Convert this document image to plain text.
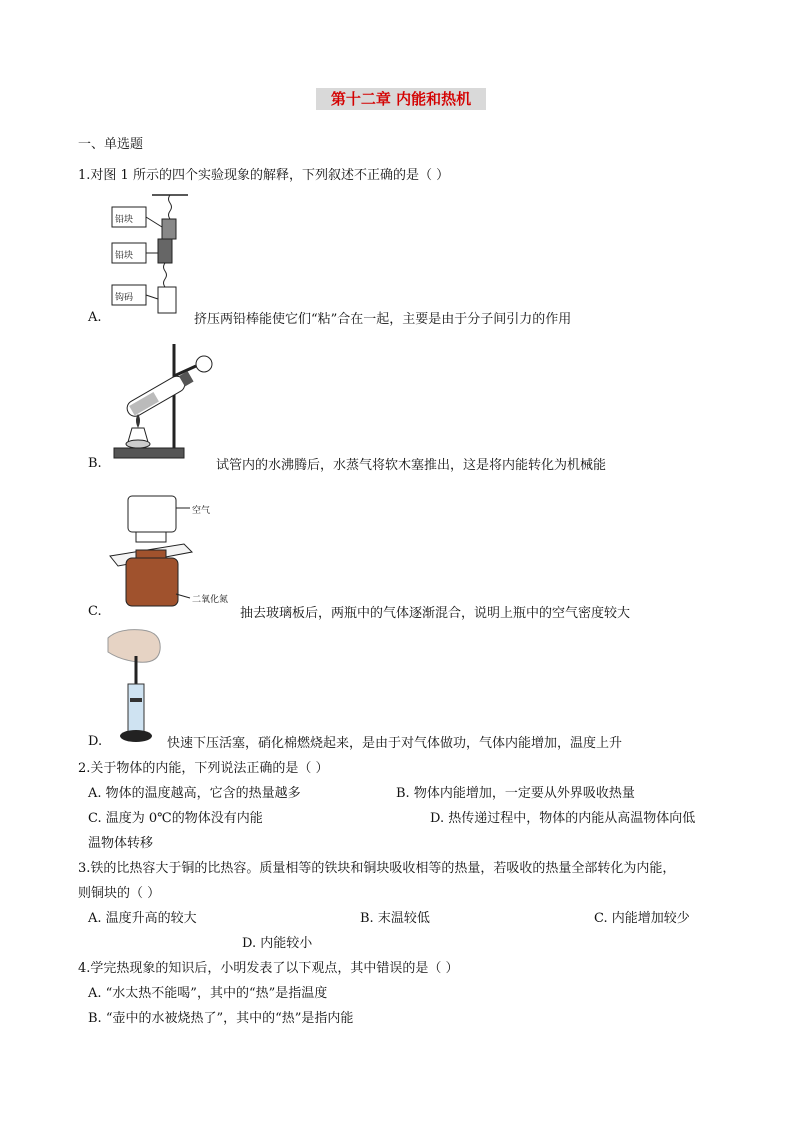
第十二章 内能和热机
一、单选题
1.对图 1 所示的四个实验现象的解释，下列叙述不正确的是（ ）
铅块
铅块
钩码
A.	挤压两铅棒能使它们“粘”合在一起，主要是由于分子间引力的作用
B.	试管内的水沸腾后，水蒸气将软木塞推出，这是将内能转化为机械能
空气
二氧化氮
C.	抽去玻璃板后，两瓶中的气体逐渐混合，说明上瓶中的空气密度较大
D.	快速下压活塞，硝化棉燃烧起来，是由于对气体做功，气体内能增加，温度上升
2.关于物体的内能，下列说法正确的是（ ）
A. 物体的温度越高，它含的热量越多	B. 物体内能增加，一定要从外界吸收热量
C. 温度为 0℃的物体没有内能	D. 热传递过程中，物体的内能从高温物体向低
温物体转移
3.铁的比热容大于铜的比热容。质量相等的铁块和铜块吸收相等的热量，若吸收的热量全部转化为内能，
则铜块的（ ）
A. 温度升高的较大	B. 末温较低	C. 内能增加较少
D. 内能较小
4.学完热现象的知识后，小明发表了以下观点，其中错误的是（ ）
A. “水太热不能喝”，其中的“热”是指温度
B. “壶中的水被烧热了”，其中的“热”是指内能
